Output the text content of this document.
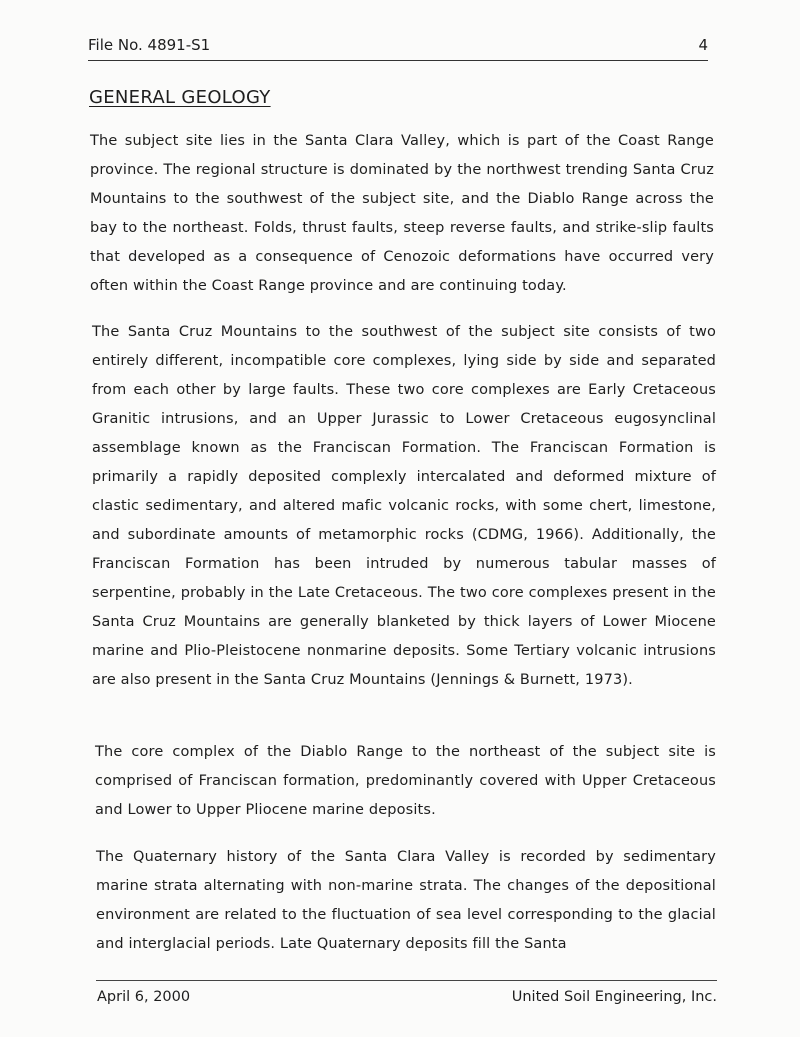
File No. 4891-S1	4
GENERAL GEOLOGY

The subject site lies in the Santa Clara Valley, which is part of the Coast Range province. The regional structure is dominated by the northwest trending Santa Cruz Mountains to the southwest of the subject site, and the Diablo Range across the bay to the northeast. Folds, thrust faults, steep reverse faults, and strike-slip faults that developed as a consequence of Cenozoic deformations have occurred very often within the Coast Range province and are continuing today.

The Santa Cruz Mountains to the southwest of the subject site consists of two entirely different, incompatible core complexes, lying side by side and separated from each other by large faults. These two core complexes are Early Cretaceous Granitic intrusions, and an Upper Jurassic to Lower Cretaceous eugosynclinal assemblage known as the Franciscan Formation. The Franciscan Formation is primarily a rapidly deposited complexly intercalated and deformed mixture of clastic sedimentary, and altered mafic volcanic rocks, with some chert, limestone, and subordinate amounts of metamorphic rocks (CDMG, 1966). Additionally, the Franciscan Formation has been intruded by numerous tabular masses of serpentine, probably in the Late Cretaceous. The two core complexes present in the Santa Cruz Mountains are generally blanketed by thick layers of Lower Miocene marine and Plio-Pleistocene nonmarine deposits. Some Tertiary volcanic intrusions are also present in the Santa Cruz Mountains (Jennings & Burnett, 1973).

The core complex of the Diablo Range to the northeast of the subject site is comprised of Franciscan formation, predominantly covered with Upper Cretaceous and Lower to Upper Pliocene marine deposits.

The Quaternary history of the Santa Clara Valley is recorded by sedimentary marine strata alternating with non-marine strata. The changes of the depositional environment are related to the fluctuation of sea level corresponding to the glacial and interglacial periods. Late Quaternary deposits fill the Santa

April 6, 2000	United Soil Engineering, Inc.
